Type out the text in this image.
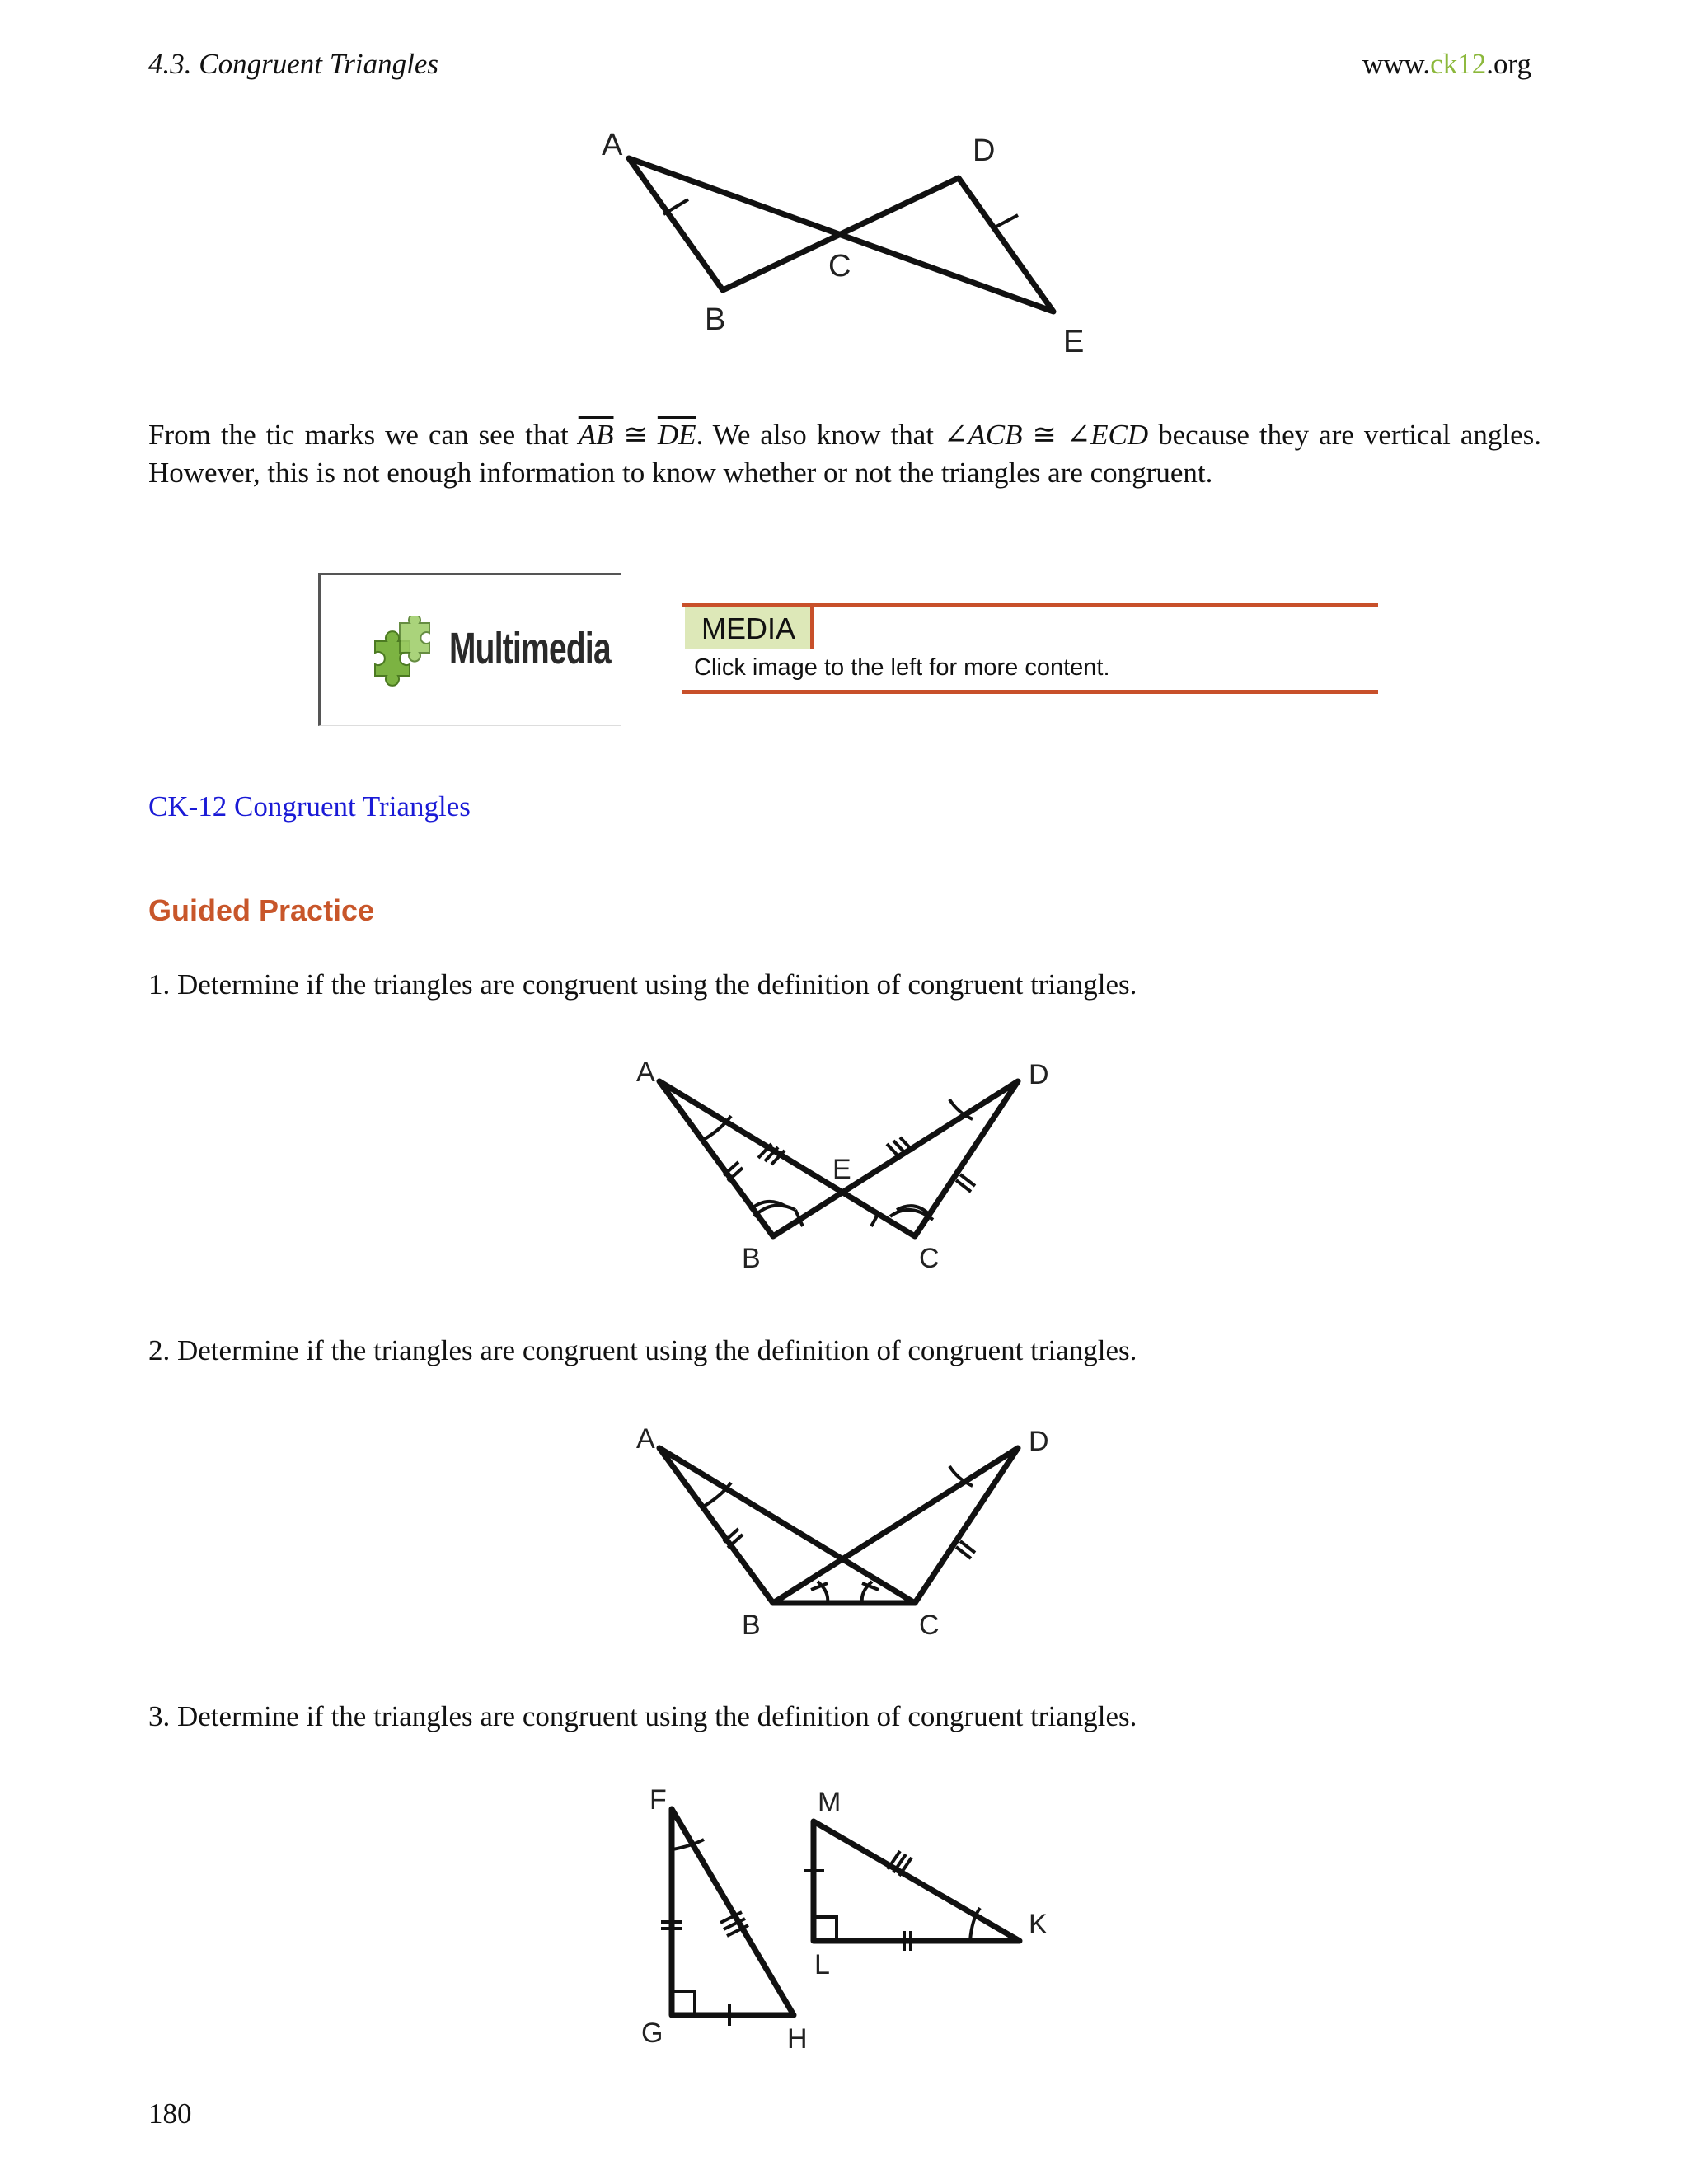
4.3. Congruent Triangles	www.ck12.org
A
B
C
D
E
From the tic marks we can see that $\overline{AB}$ ≅ $\overline{DE}$. We also know that ∠ACB ≅ ∠ECD because they are vertical angles. However, this is not enough information to know whether or not the triangles are congruent.
Multimedia	MEDIA
Click image to the left for more content.
CK-12 Congruent Triangles
Guided Practice
1. Determine if the triangles are congruent using the definition of congruent triangles.
A
B	C
D
E
2. Determine if the triangles are congruent using the definition of congruent triangles.
A
B	C
D
3. Determine if the triangles are congruent using the definition of congruent triangles.
F
G	H
M
K
L
180
